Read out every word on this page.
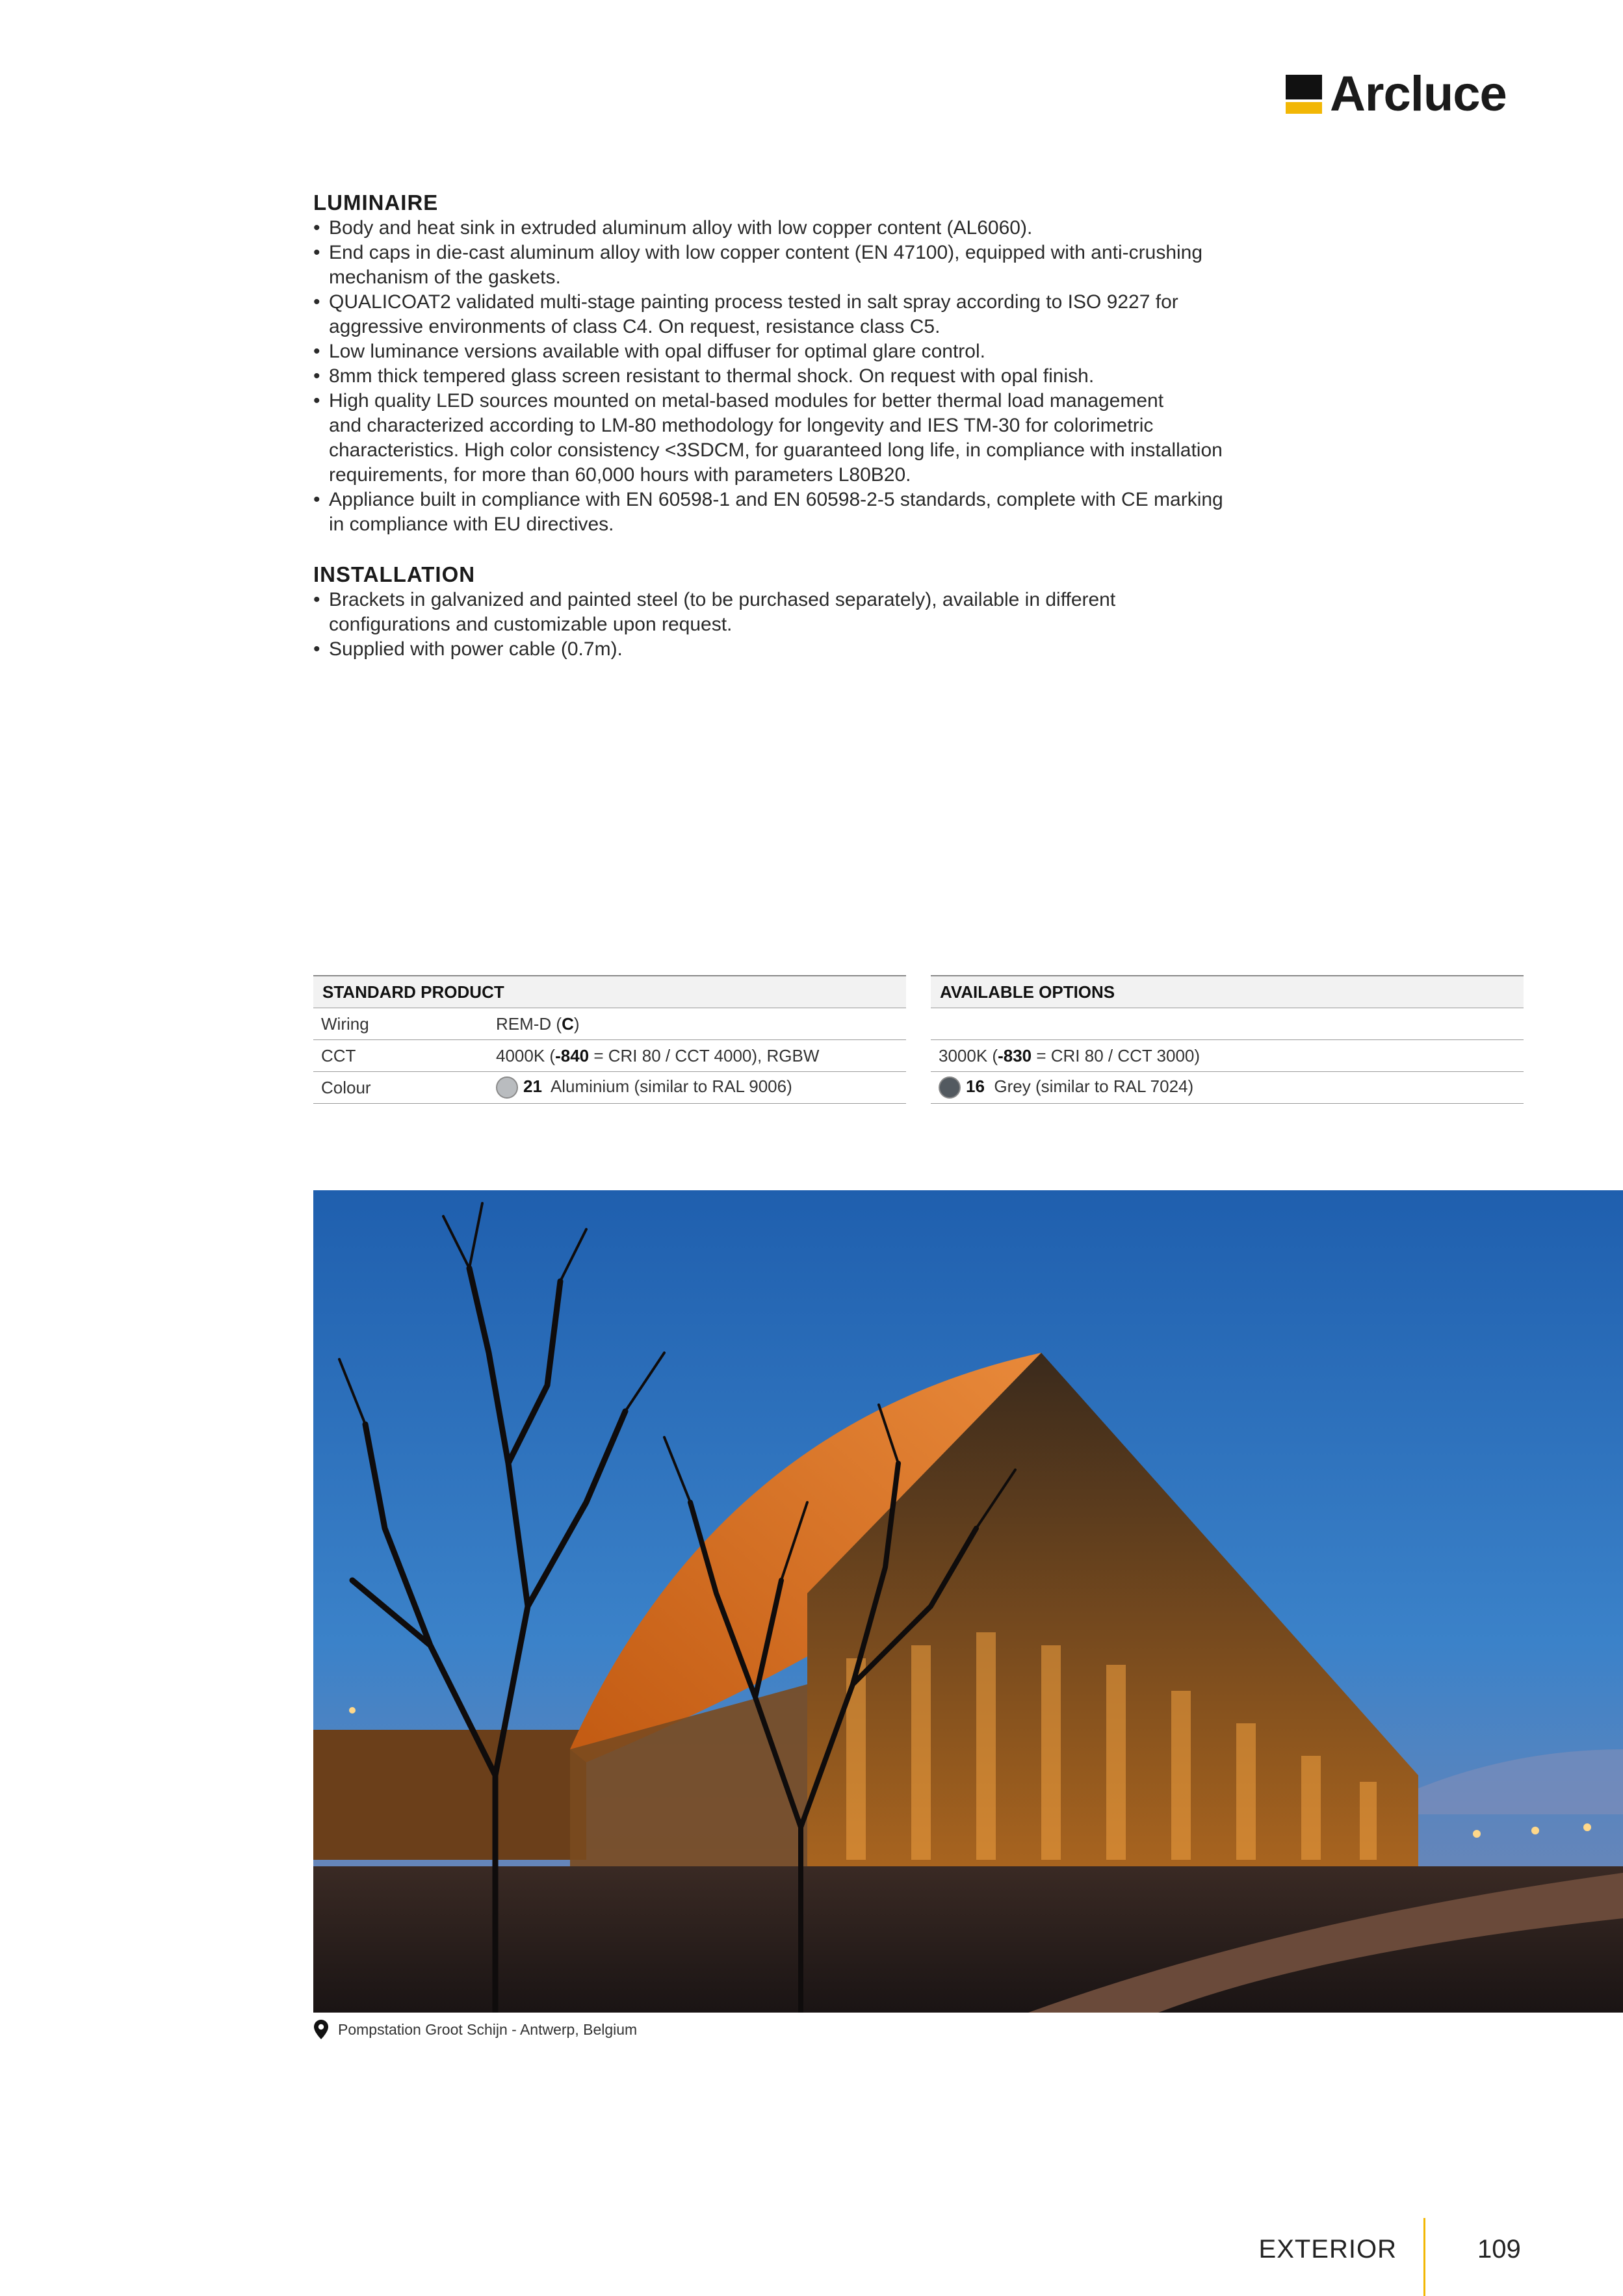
Arcluce
LUMINAIRE
• Body and heat sink in extruded aluminum alloy with low copper content (AL6060).
• End caps in die-cast aluminum alloy with low copper content (EN 47100), equipped with anti-crushing
mechanism of the gaskets.
• QUALICOAT2 validated multi-stage painting process tested in salt spray according to ISO 9227 for
aggressive environments of class C4. On request, resistance class C5.
• Low luminance versions available with opal diffuser for optimal glare control.
• 8mm thick tempered glass screen resistant to thermal shock. On request with opal finish.
• High quality LED sources mounted on metal-based modules for better thermal load management
and characterized according to LM-80 methodology for longevity and IES TM-30 for colorimetric
characteristics. High color consistency <3SDCM, for guaranteed long life, in compliance with installation
requirements, for more than 60,000 hours with parameters L80B20.
• Appliance built in compliance with EN 60598-1 and EN 60598-2-5 standards, complete with CE marking
in compliance with EU directives.
INSTALLATION
• Brackets in galvanized and painted steel (to be purchased separately), available in different
configurations and customizable upon request.
• Supplied with power cable (0.7m).
STANDARD PRODUCT	
Wiring	REM-D (C)
CCT	4000K (-840 = CRI 80 / CCT 4000), RGBW
Colour	21 Aluminium (similar to RAL 9006)
AVAILABLE OPTIONS

3000K (-830 = CRI 80 / CCT 3000)
16 Grey (similar to RAL 7024)
Pompstation Groot Schijn - Antwerp, Belgium
EXTERIOR	109
